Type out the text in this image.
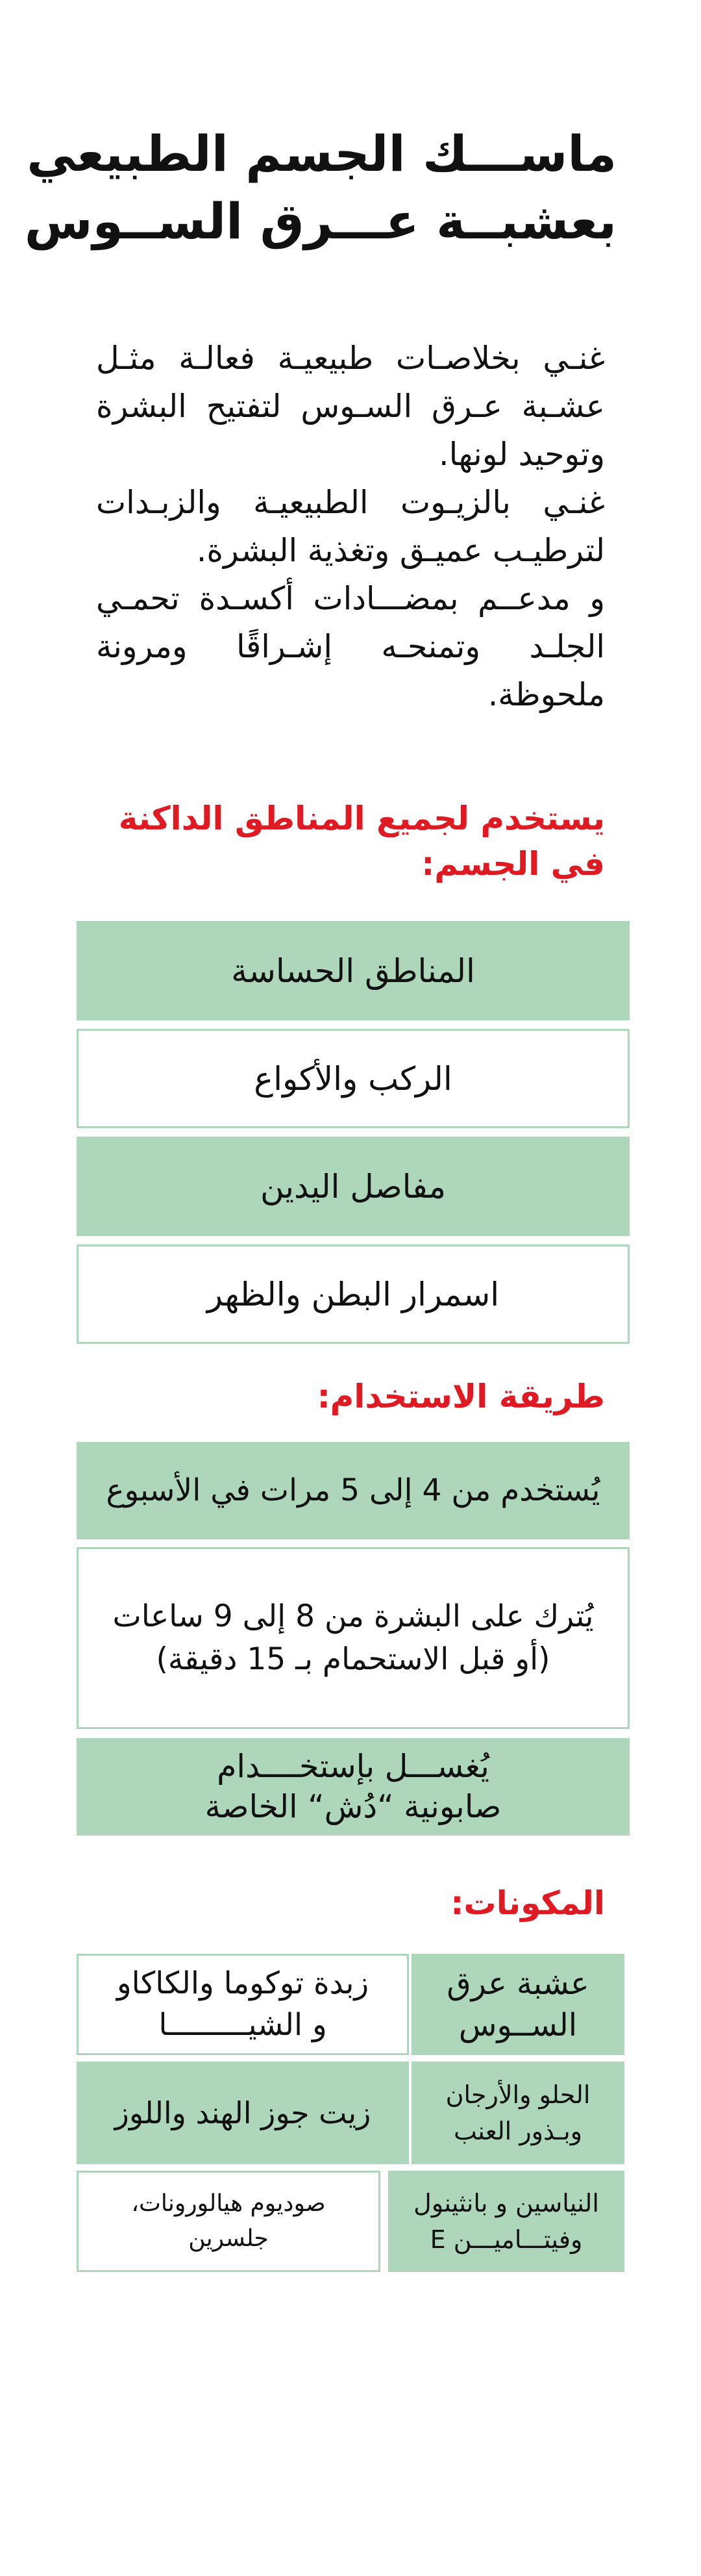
ماســـك الجسم الطبيعي
بعشبــة عـــرق الســوس

غنـي بخلاصـات طبيعيـة فعالـة مثـل عشـبة عـرق السـوس لتفتيح البشرة وتوحيد لونها.

غنـي بالزيـوت الطبيعيـة والزبـدات لترطيـب عميـق وتغذية البشرة.

و مدعــم بمضـــادات أكسـدة تحمـي الجلـد وتمنحـه إشـراقًا ومرونة ملحوظة.

يستخدم لجميع المناطق الداكنة
في الجسم:
المناطق الحساسة
الركب والأكواع
مفاصل اليدين
اسمرار البطن والظهر
طريقة الاستخدام:
يُستخدم من 4 إلى 5 مرات في الأسبوع
يُترك على البشرة من 8 إلى 9 ساعات
(أو قبل الاستحمام بـ 15 دقيقة)
يُغســـل بإستخــــدام
صابونية “دُش“ الخاصة
المكونات:
عشبة عرق
الســوس
زبدة توكوما والكاكاو
و الشيـــــــــا
الحلو والأرجان
وبـذور العنب
زيت جوز الهند واللوز
النياسين و بانثينول
وفيتـــاميـــن E
صوديوم هيالورونات،
جلسرين
